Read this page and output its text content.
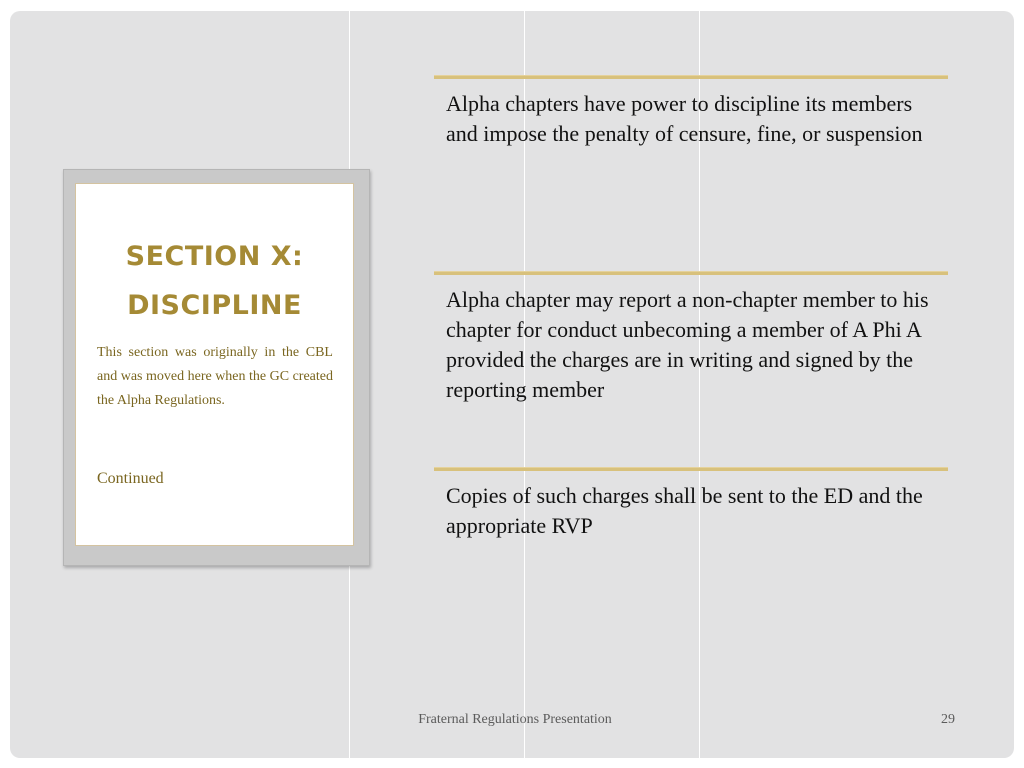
SECTION X: DISCIPLINE
This section was originally in the CBL and was moved here when the GC created the Alpha Regulations.
Continued
Alpha chapters have power to discipline its members and impose the penalty of censure, fine, or suspension
Alpha chapter may report a non-chapter member to his chapter for conduct unbecoming a member of A Phi A provided the charges are in writing and signed by the reporting member
Copies of such charges shall be sent to the ED and the appropriate RVP
Fraternal Regulations Presentation	29
